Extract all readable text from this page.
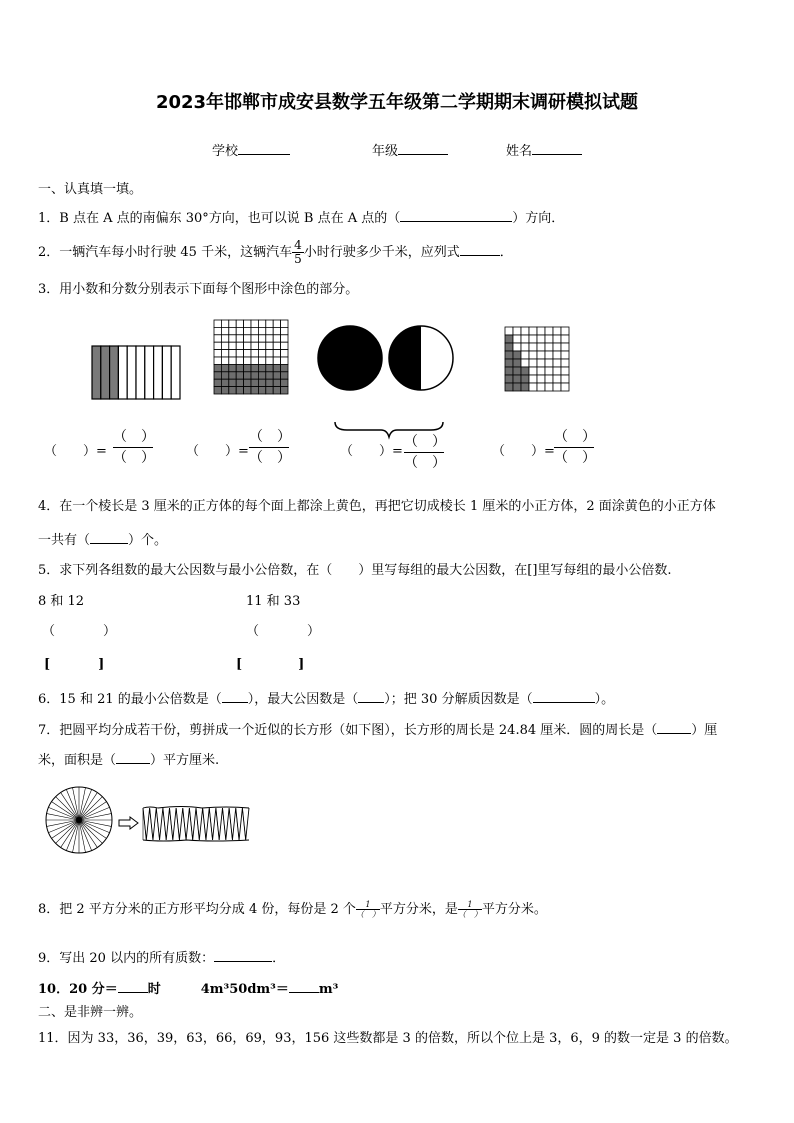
2023年邯郸市成安县数学五年级第二学期期末调研模拟试题
学校	年级	姓名
一、认真填一填。
1．B 点在 A 点的南偏东 30°方向，也可以说 B 点在 A 点的（	）方向．
2．一辆汽车每小时行驶 45 千米，这辆汽车 $\frac{4}{5}$ 小时行驶多少千米，应列式	．
3．用小数和分数分别表示下面每个图形中涂色的部分。
（　　）=
（　）
（　） （　　）=
（　）
（　）	（　　）=
（　）
（　）
（　　）=
（　）
（　）
4．在一个棱长是 3 厘米的正方体的每个面上都涂上黄色，再把它切成棱长 1 厘米的小正方体，2 面涂黄色的小正方体
一共有（	）个。
5．求下列各组数的最大公因数与最小公倍数，在（　　）里写每组的最大公因数，在[]里写每组的最小公倍数.
8 和 12	11 和 33
（	）	（	）
[	]	[	]
6．15 和 21 的最小公倍数是（ ），最大公因数是（ ）；把 30 分解质因数是（	）。
7．把圆平均分成若干份，剪拼成一个近似的长方形（如下图），长方形的周长是 24.84 厘米．圆的周长是（	）厘
米，面积是（	）平方厘米.
8．把 2 平方分米的正方形平均分成 4 份，每份是 2 个 $\frac{1}{( )}$平方分米，是 $\frac{1}{( )}$平方分米。
9．写出 20 以内的所有质数：	．
10．20 分＝ 时	4m³50dm³＝ m³
二、是非辨一辨。
11．因为 33，36，39，63，66，69，93，156 这些数都是 3 的倍数，所以个位上是 3，6，9 的数一定是 3 的倍数。
